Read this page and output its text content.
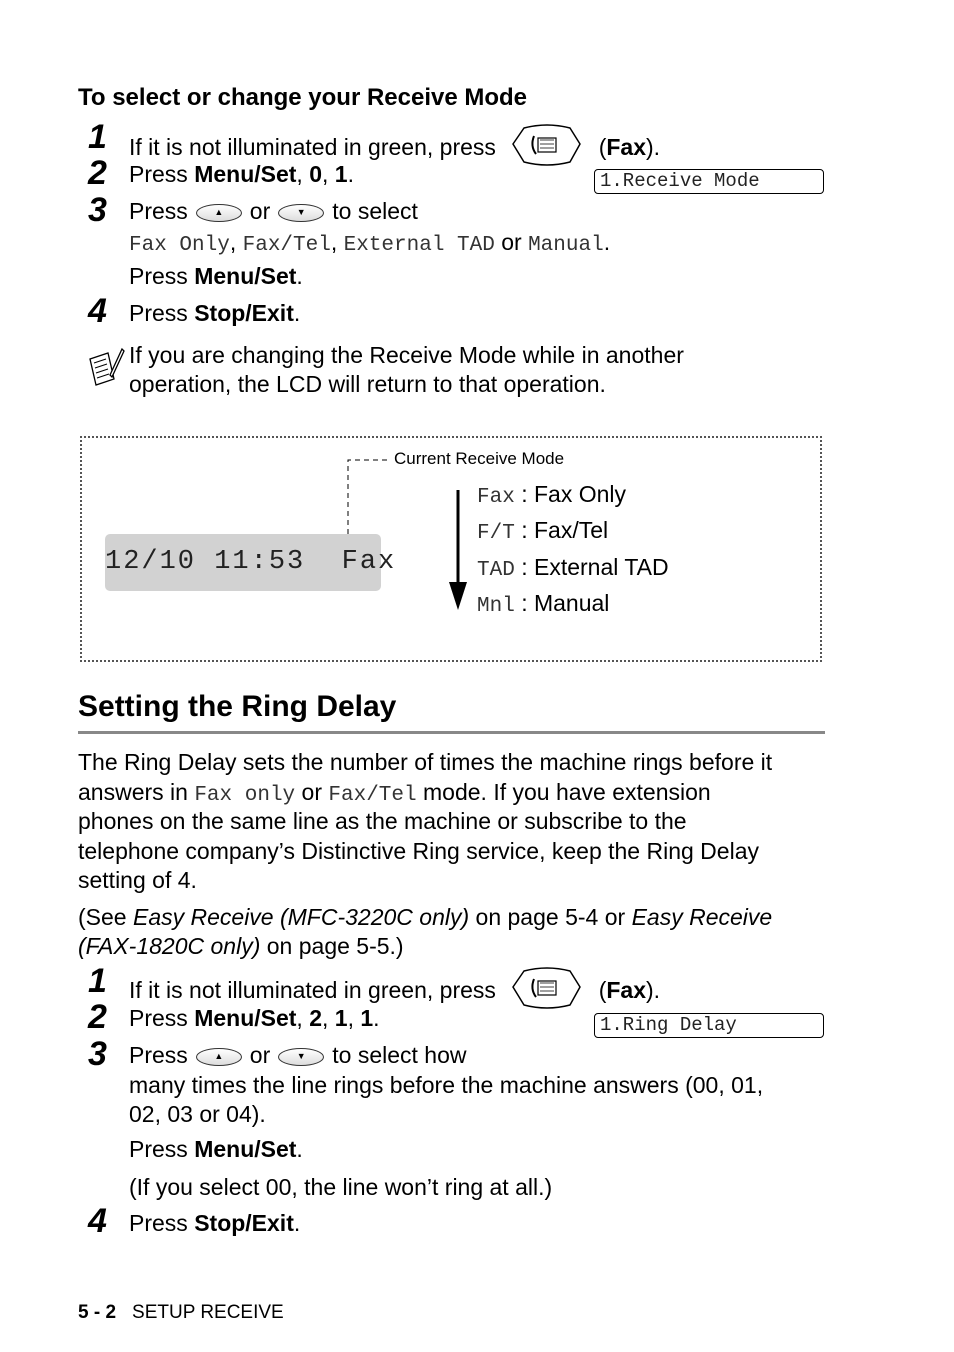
To select or change your Receive Mode
1 If it is not illuminated in green, press	(Fax).
2 Press Menu/Set, 0, 1.	1.Receive Mode
3 Press	▲	or	▼	to select
Fax Only, Fax/Tel, External TAD or Manual.
Press Menu/Set.
4 Press Stop/Exit.
If you are changing the Receive Mode while in another
operation, the LCD will return to that operation.
Current Receive Mode
12/10 11:53  Fax
Fax : Fax Only
F/T : Fax/Tel
TAD : External TAD
Mnl : Manual
Setting the Ring Delay
The Ring Delay sets the number of times the machine rings before it
answers in Fax only or Fax/Tel mode. If you have extension
phones on the same line as the machine or subscribe to the
telephone company’s Distinctive Ring service, keep the Ring Delay
setting of 4.
(See Easy Receive (MFC-3220C only) on page 5-4 or Easy Receive
(FAX-1820C only) on page 5-5.)
1 If it is not illuminated in green, press	(Fax).
2 Press Menu/Set, 2, 1, 1.	1.Ring Delay
3 Press	▲	or	▼	to select how
many times the line rings before the machine answers (00, 01,
02, 03 or 04).
Press Menu/Set.
(If you select 00, the line won’t ring at all.)
4 Press Stop/Exit.
5 - 2 SETUP RECEIVE
